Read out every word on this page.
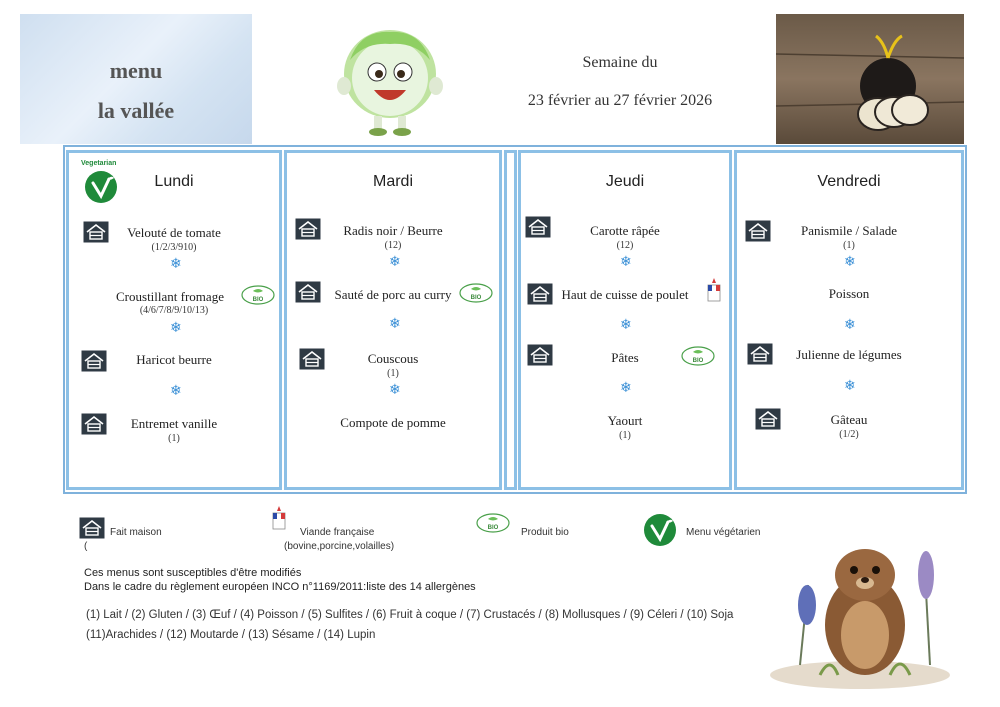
menu
la vallée
Semaine du
23 février au 27 février 2026
Vegetarian
Lundi
Velouté de tomate
(1/2/3/910)
❄
Croustillant fromage
(4/6/7/8/9/10/13)
❄
Haricot beurre
❄
Entremet vanille
(1)
Mardi
Radis noir / Beurre
(12)
❄
Sauté de porc au curry
❄
Couscous
(1)
❄
Compote de pomme
Jeudi
Carotte râpée
(12)
❄
Haut de cuisse de poulet
❄
Pâtes
❄
Yaourt
(1)
Vendredi
Panismile / Salade
(1)
❄
Poisson
❄
Julienne de légumes
❄
Gâteau
(1/2)
Fait maison
(
Viande française
(bovine,porcine,volailles)
Produit bio	Menu végétarien
Ces menus sont susceptibles d'être modifiés
Dans le cadre du règlement européen INCO n°1169/2011:liste des 14 allergènes
(1) Lait / (2) Gluten / (3) Œuf / (4) Poisson / (5) Sulfites / (6) Fruit à coque / (7) Crustacés / (8) Mollusques / (9) Céleri / (10) Soja
(11)Arachides / (12) Moutarde / (13) Sésame / (14) Lupin
